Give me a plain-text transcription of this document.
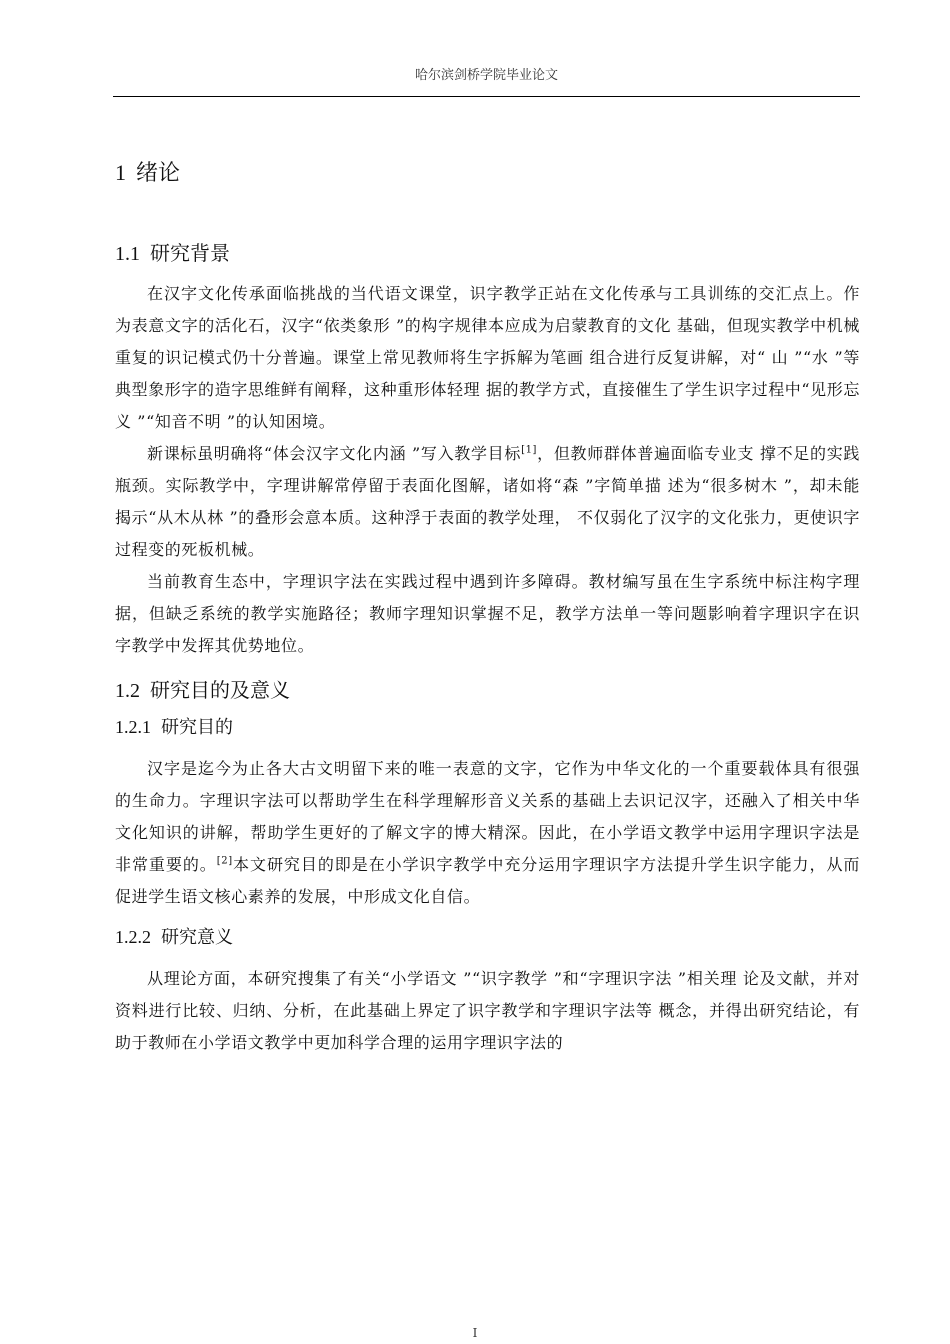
哈尔滨剑桥学院毕业论文
1 绪论
1.1 研究背景

在汉字文化传承面临挑战的当代语文课堂，识字教学正站在文化传承与工具训练的交汇点上。作为表意文字的活化石，汉字“依类象形 ”的构字规律本应成为启蒙教育的文化 基础，但现实教学中机械重复的识记模式仍十分普遍。课堂上常见教师将生字拆解为笔画 组合进行反复讲解，对“ 山 ”“水 ”等典型象形字的造字思维鲜有阐释，这种重形体轻理 据的教学方式，直接催生了学生识字过程中“见形忘义 ”“知音不明 ”的认知困境。

新课标虽明确将“体会汉字文化内涵 ”写入教学目标[1]，但教师群体普遍面临专业支 撑不足的实践瓶颈。实际教学中，字理讲解常停留于表面化图解，诸如将“森 ”字简单描 述为“很多树木 ”，却未能揭示“从木从林 ”的叠形会意本质。这种浮于表面的教学处理， 不仅弱化了汉字的文化张力，更使识字过程变的死板机械。

当前教育生态中，字理识字法在实践过程中遇到许多障碍。教材编写虽在生字系统中标注构字理据，但缺乏系统的教学实施路径；教师字理知识掌握不足，教学方法单一等问题影响着字理识字在识字教学中发挥其优势地位。

1.2 研究目的及意义
1.2.1 研究目的

汉字是迄今为止各大古文明留下来的唯一表意的文字，它作为中华文化的一个重要载体具有很强的生命力。字理识字法可以帮助学生在科学理解形音义关系的基础上去识记汉字，还融入了相关中华文化知识的讲解，帮助学生更好的了解文字的博大精深。因此，在小学语文教学中运用字理识字法是非常重要的。[2]本文研究目的即是在小学识字教学中充分运用字理识字方法提升学生识字能力，从而促进学生语文核心素养的发展，中形成文化自信。

1.2.2 研究意义

从理论方面，本研究搜集了有关“小学语文 ”“识字教学 ”和“字理识字法 ”相关理 论及文献，并对资料进行比较、归纳、分析，在此基础上界定了识字教学和字理识字法等 概念，并得出研究结论，有助于教师在小学语文教学中更加科学合理的运用字理识字法的

I
